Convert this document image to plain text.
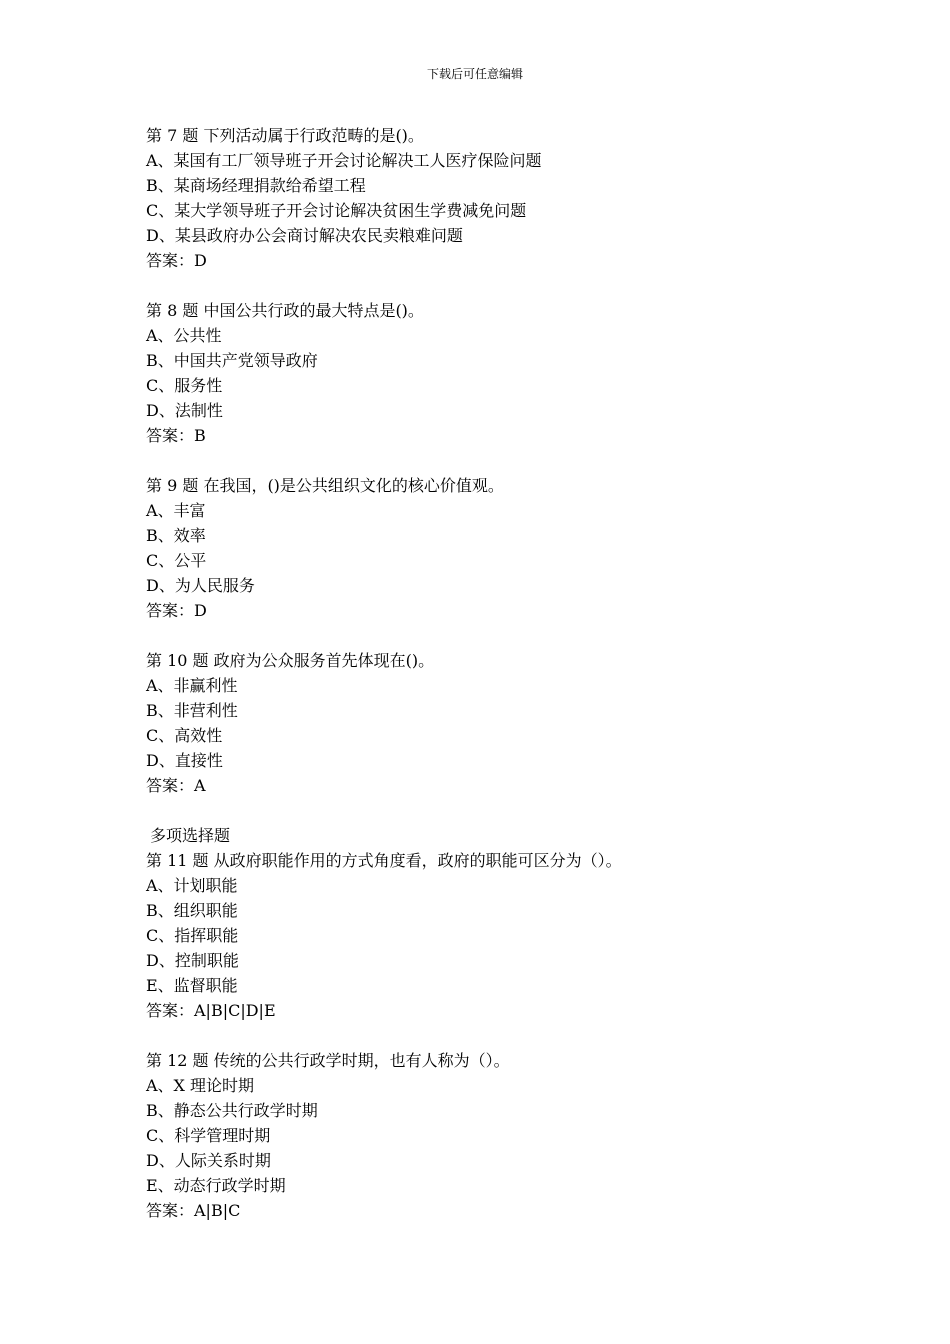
下载后可任意编辑
第 7 题 下列活动属于行政范畴的是()。
A、某国有工厂领导班子开会讨论解决工人医疗保险问题
B、某商场经理捐款给希望工程
C、某大学领导班子开会讨论解决贫困生学费减免问题
D、某县政府办公会商讨解决农民卖粮难问题
答案：D
第 8 题 中国公共行政的最大特点是()。
A、公共性
B、中国共产党领导政府
C、服务性
D、法制性
答案：B
第 9 题 在我国，()是公共组织文化的核心价值观。
A、丰富
B、效率
C、公平
D、为人民服务
答案：D
第 10 题 政府为公众服务首先体现在()。
A、非赢利性
B、非营利性
C、高效性
D、直接性
答案：A
多项选择题
第 11 题 从政府职能作用的方式角度看，政府的职能可区分为（）。
A、计划职能
B、组织职能
C、指挥职能
D、控制职能
E、监督职能
答案：A|B|C|D|E
第 12 题 传统的公共行政学时期，也有人称为（）。
A、X 理论时期
B、静态公共行政学时期
C、科学管理时期
D、人际关系时期
E、动态行政学时期
答案：A|B|C
